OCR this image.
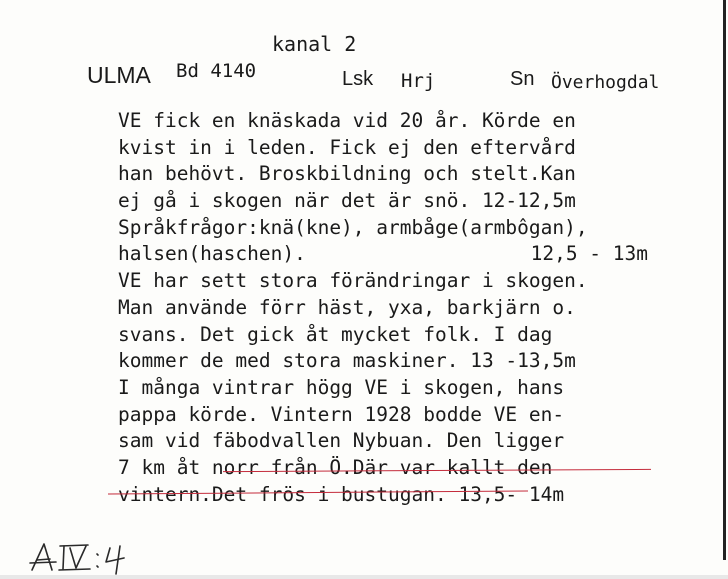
kanal 2
ULMA Bd 4140	Lsk Hrj	Sn Överhogdal
VE fick en knäskada vid 20 år. Körde en
kvist in i leden. Fick ej den eftervård
han behövt. Broskbildning och stelt.Kan
ej gå i skogen när det är snö. 12-12,5m
Språkfrågor:knä(kne), armbåge(armbôgan),
halsen(haschen).	12,5 - 13m
VE har sett stora förändringar i skogen.
Man använde förr häst, yxa, barkjärn o.
svans. Det gick åt mycket folk. I dag
kommer de med stora maskiner. 13 -13,5m
I många vintrar högg VE i skogen, hans
pappa körde. Vintern 1928 bodde VE en-
sam vid fäbodvallen Nybuan. Den ligger
7 km åt norr från Ö.Där var kallt den
vintern.Det frös i bustugan. 13,5- 14m
